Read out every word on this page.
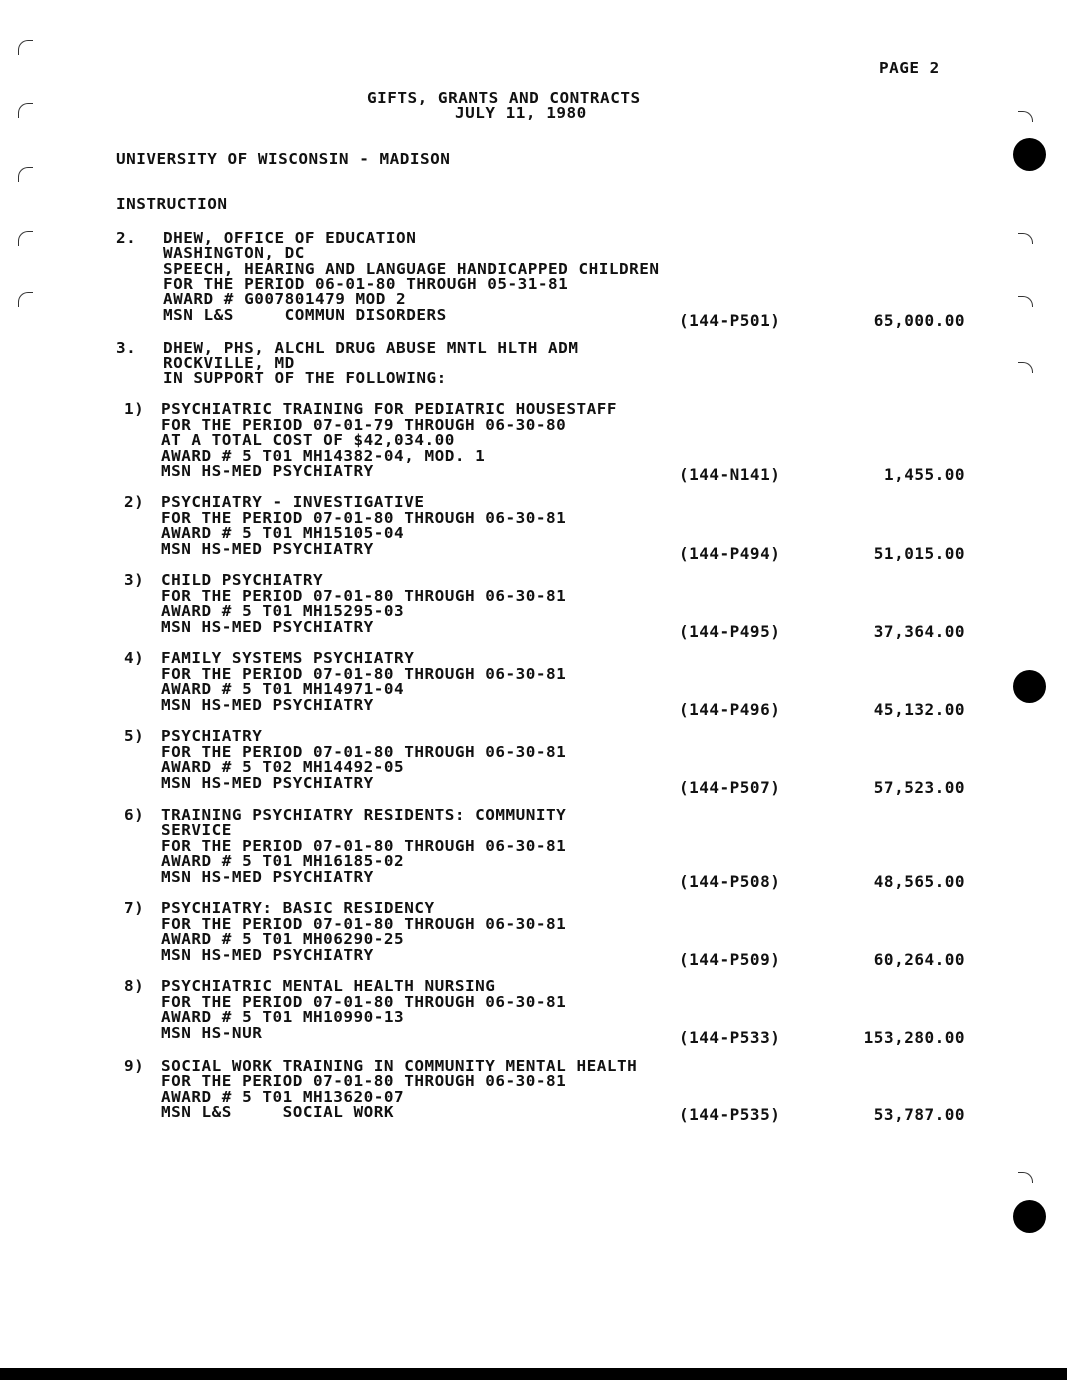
PAGE 2
GIFTS, GRANTS AND CONTRACTS
JULY 11, 1980
UNIVERSITY OF WISCONSIN - MADISON
INSTRUCTION
2. DHEW, OFFICE OF EDUCATION
WASHINGTON, DC
SPEECH, HEARING AND LANGUAGE HANDICAPPED CHILDREN
FOR THE PERIOD 06-01-80 THROUGH 05-31-81
AWARD # G007801479 MOD 2
MSN L&S     COMMUN DISORDERS	(144-P501)	65,000.00
3. DHEW, PHS, ALCHL DRUG ABUSE MNTL HLTH ADM
ROCKVILLE, MD
IN SUPPORT OF THE FOLLOWING:
1) PSYCHIATRIC TRAINING FOR PEDIATRIC HOUSESTAFF
FOR THE PERIOD 07-01-79 THROUGH 06-30-80
AT A TOTAL COST OF $42,034.00
AWARD # 5 T01 MH14382-04, MOD. 1
MSN HS-MED PSYCHIATRY	(144-N141)	1,455.00
2) PSYCHIATRY - INVESTIGATIVE
FOR THE PERIOD 07-01-80 THROUGH 06-30-81
AWARD # 5 T01 MH15105-04
MSN HS-MED PSYCHIATRY	(144-P494)	51,015.00
3) CHILD PSYCHIATRY
FOR THE PERIOD 07-01-80 THROUGH 06-30-81
AWARD # 5 T01 MH15295-03
MSN HS-MED PSYCHIATRY	(144-P495)	37,364.00
4) FAMILY SYSTEMS PSYCHIATRY
FOR THE PERIOD 07-01-80 THROUGH 06-30-81
AWARD # 5 T01 MH14971-04
MSN HS-MED PSYCHIATRY	(144-P496)	45,132.00
5) PSYCHIATRY
FOR THE PERIOD 07-01-80 THROUGH 06-30-81
AWARD # 5 T02 MH14492-05
MSN HS-MED PSYCHIATRY	(144-P507)	57,523.00
6) TRAINING PSYCHIATRY RESIDENTS: COMMUNITY
SERVICE
FOR THE PERIOD 07-01-80 THROUGH 06-30-81
AWARD # 5 T01 MH16185-02
MSN HS-MED PSYCHIATRY	(144-P508)	48,565.00
7) PSYCHIATRY: BASIC RESIDENCY
FOR THE PERIOD 07-01-80 THROUGH 06-30-81
AWARD # 5 T01 MH06290-25
MSN HS-MED PSYCHIATRY	(144-P509)	60,264.00
8) PSYCHIATRIC MENTAL HEALTH NURSING
FOR THE PERIOD 07-01-80 THROUGH 06-30-81
AWARD # 5 T01 MH10990-13
MSN HS-NUR	(144-P533)	153,280.00
9) SOCIAL WORK TRAINING IN COMMUNITY MENTAL HEALTH
FOR THE PERIOD 07-01-80 THROUGH 06-30-81
AWARD # 5 T01 MH13620-07
MSN L&S     SOCIAL WORK	(144-P535)	53,787.00
